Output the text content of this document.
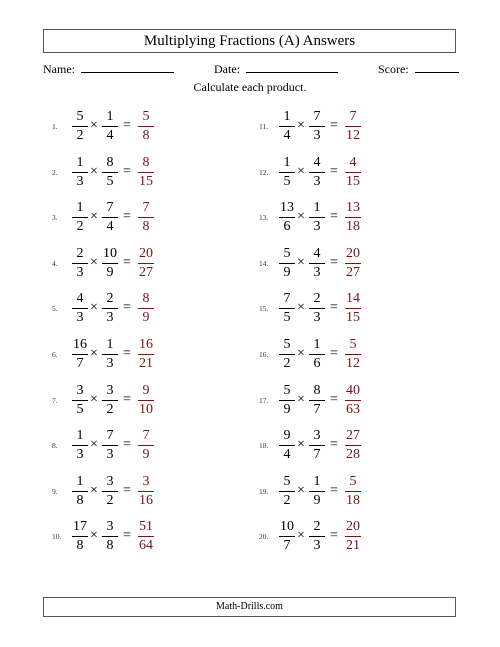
Multiplying Fractions (A) Answers
Name:	Date:	Score:
Calculate each product.
1.
5
2
×
1
4
=
5
8
2.
1
3
×
8
5
=
8
15
3.
1
2
×
7
4
=
7
8
4.
2
3
×
10
9
=
20
27
5.
4
3
×
2
3
=
8
9
6.
16
7
×
1
3
=
16
21
7.
3
5
×
3
2
=
9
10
8.
1
3
×
7
3
=
7
9
9.
1
8
×
3
2
=
3
16
10.
17
8
×
3
8
=
51
64
11.
1
4
×
7
3
=
7
12
12.
1
5
×
4
3
=
4
15
13.
13
6
×
1
3
=
13
18
14.
5
9
×
4
3
=
20
27
15.
7
5
×
2
3
=
14
15
16.
5
2
×
1
6
=
5
12
17.
5
9
×
8
7
=
40
63
18.
9
4
×
3
7
=
27
28
19.
5
2
×
1
9
=
5
18
20.
10
7
×
2
3
=
20
21
Math-Drills.com
